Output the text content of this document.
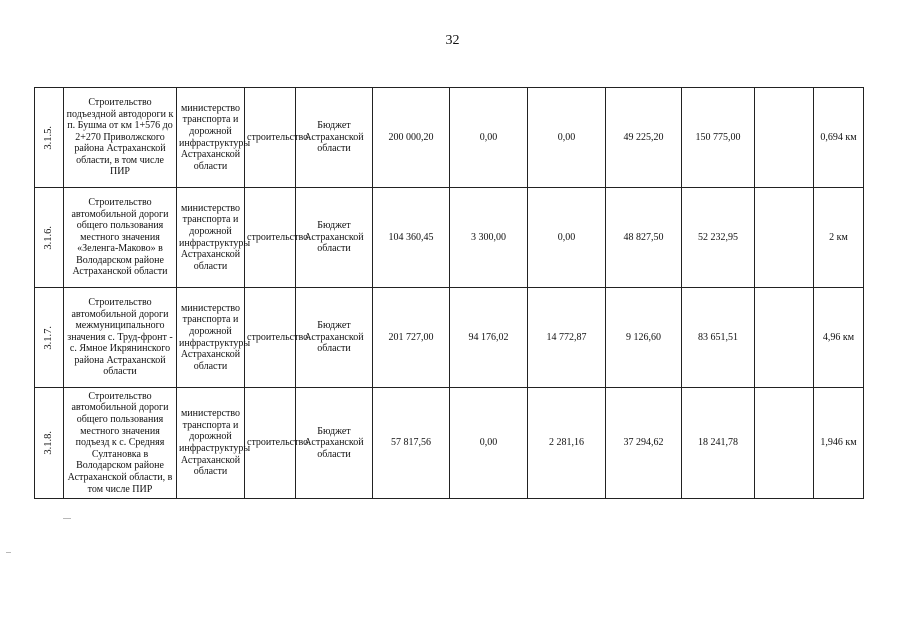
32
3.1.5.	Строительство подъездной автодороги к п. Бушма от км 1+576 до 2+270 Приволжского района Астраханской области, в том числе ПИР	министерство транспорта и дорожной инфраструктуры Астраханской области	строительство	Бюджет Астраханской области	200 000,20	0,00	0,00	49 225,20	150 775,00		0,694 км
3.1.6.	Строительство автомобильной дороги общего пользования местного значения «Зеленга-Маково» в Володарском районе Астраханской области	министерство транспорта и дорожной инфраструктуры Астраханской области	строительство	Бюджет Астраханской области	104 360,45	3 300,00	0,00	48 827,50	52 232,95		2 км
3.1.7.	Строительство автомобильной дороги межмуниципального значения с. Труд-фронт - с. Ямное Икрянинского района Астраханской области	министерство транспорта и дорожной инфраструктуры Астраханской области	строительство	Бюджет Астраханской области	201 727,00	94 176,02	14 772,87	9 126,60	83 651,51		4,96 км
3.1.8.	Строительство автомобильной дороги общего пользования местного значения подъезд к с. Средняя Султановка в Володарском районе Астраханской области, в том числе ПИР	министерство транспорта и дорожной инфраструктуры Астраханской области	строительство	Бюджет Астраханской области	57 817,56	0,00	2 281,16	37 294,62	18 241,78		1,946 км
